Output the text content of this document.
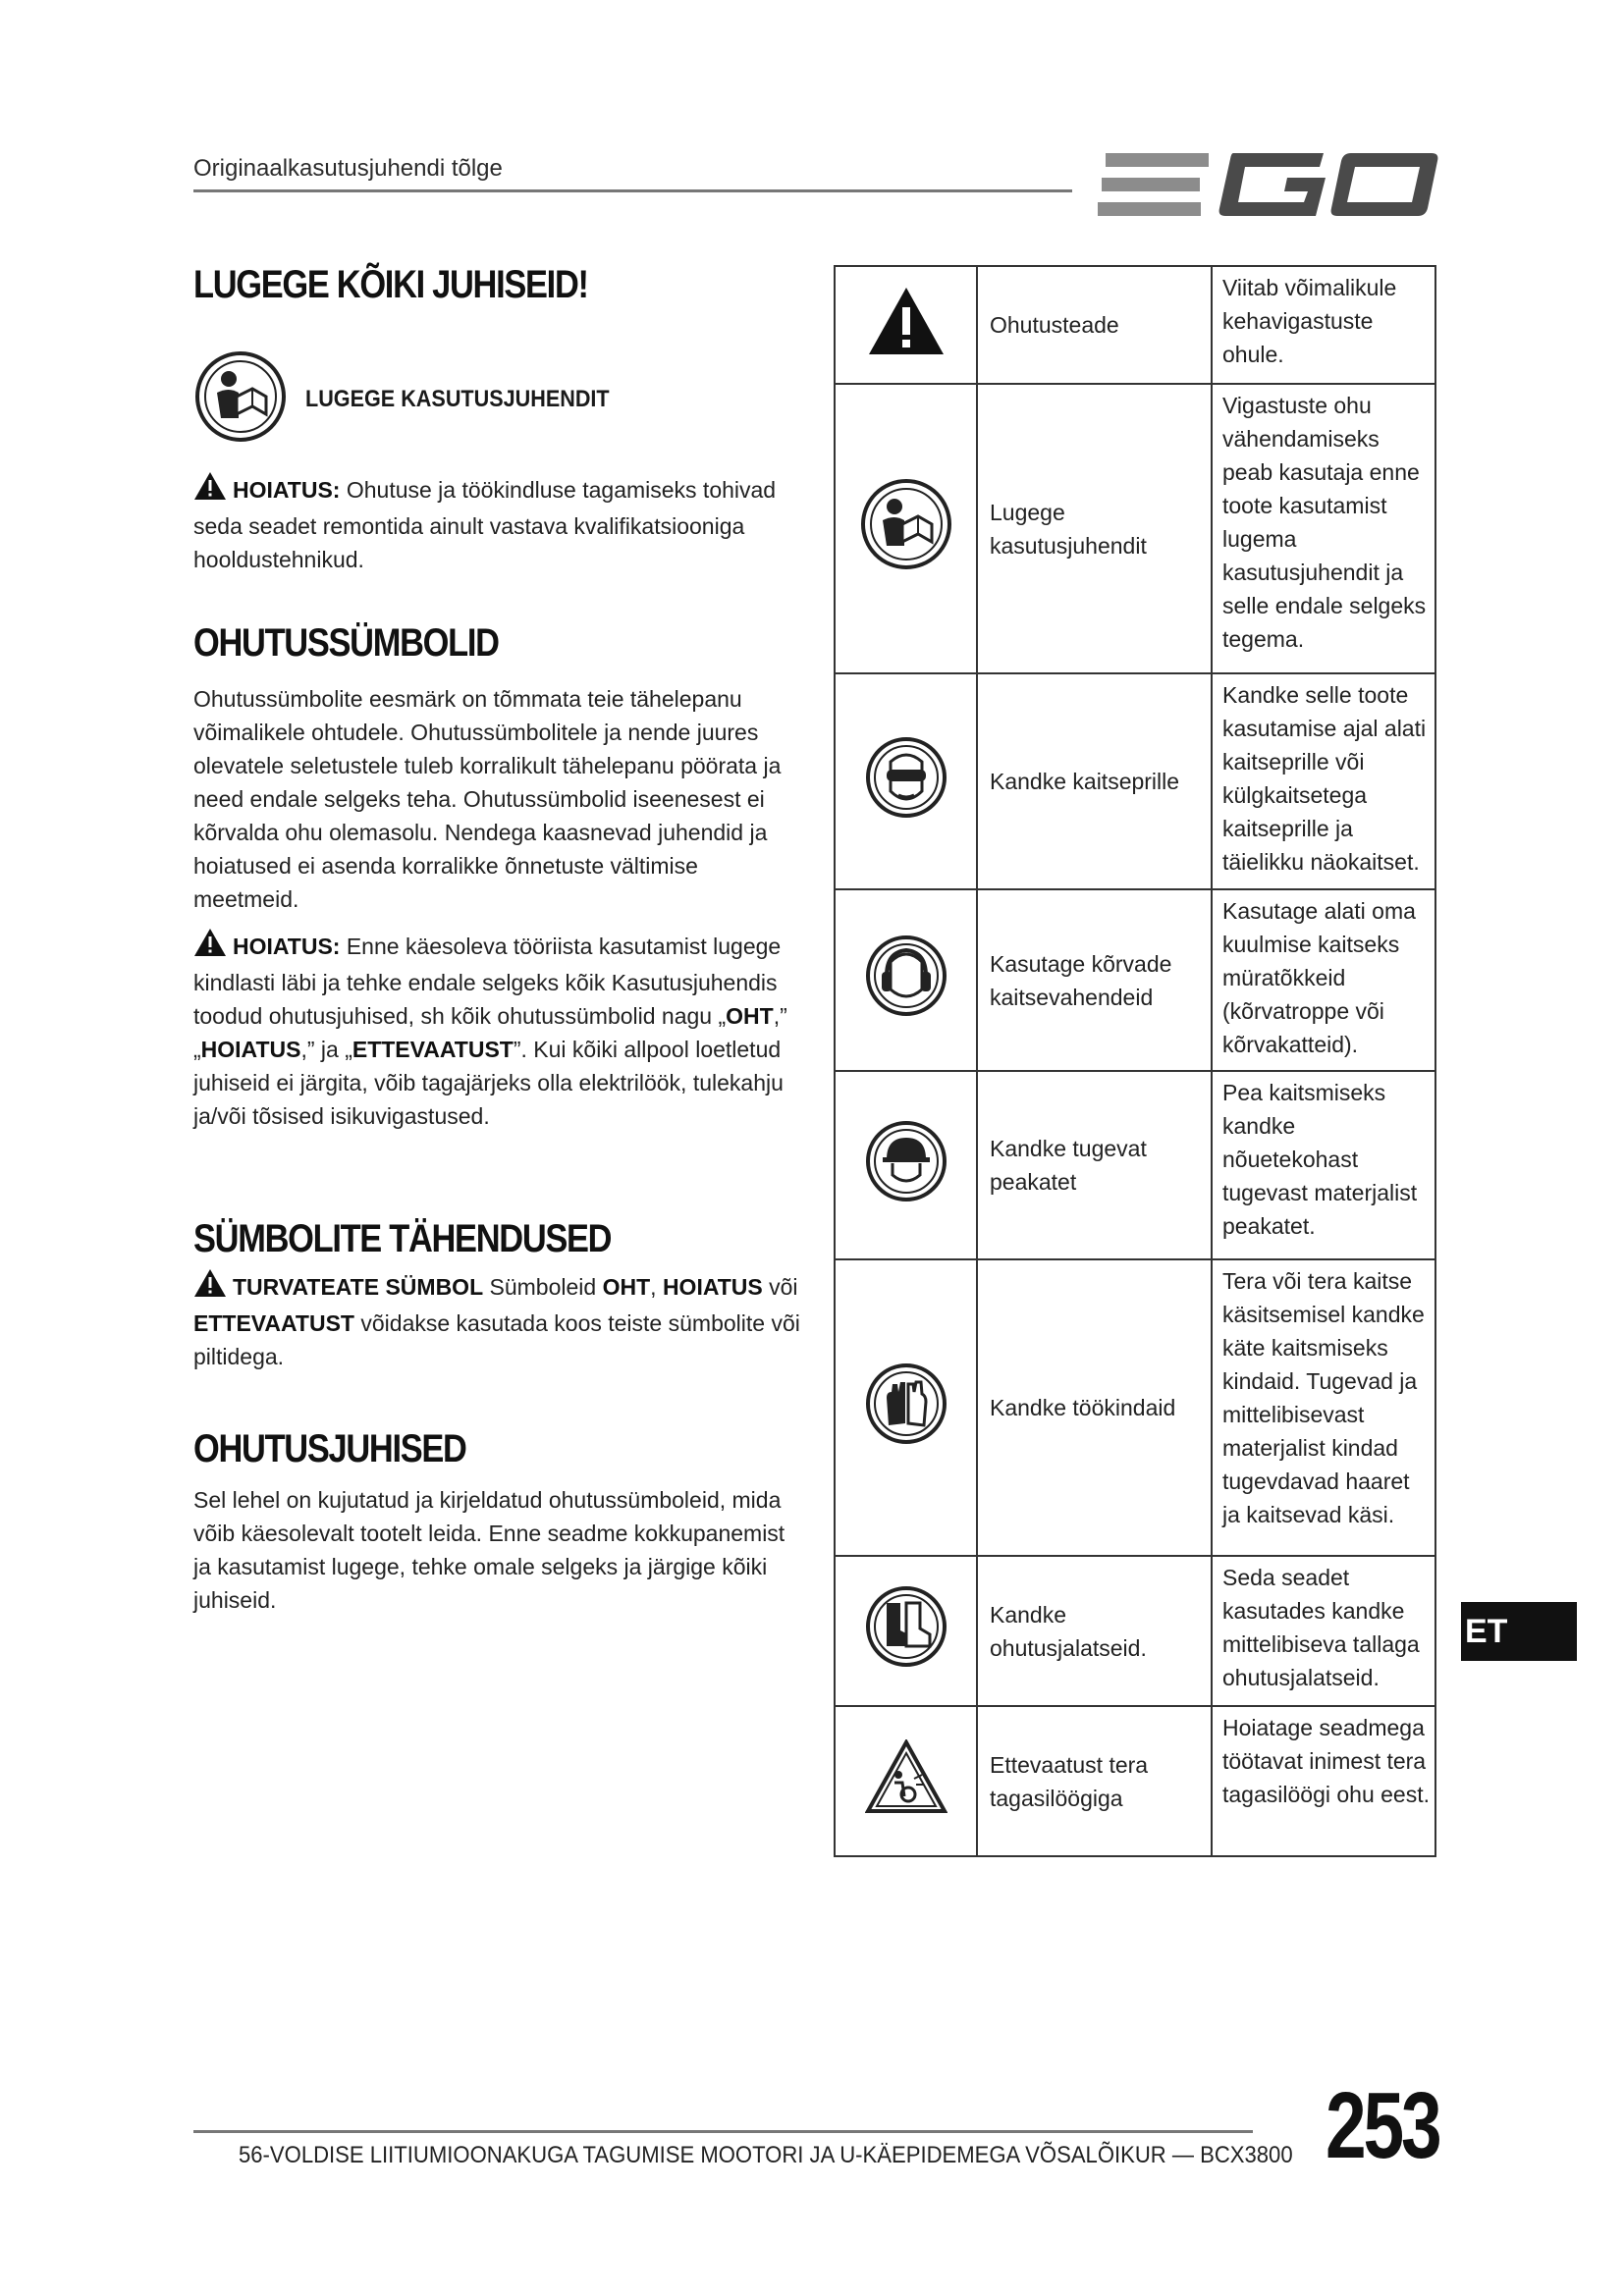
Originaalkasutusjuhendi tõlge
LUGEGE KÕIKI JUHISEID!
LUGEGE KASUTUSJUHENDIT
HOIATUS: Ohutuse ja töökindluse tagamiseks tohivad seda seadet remontida ainult vastava kvalifikatsiooniga hooldustehnikud.
OHUTUSSÜMBOLID
Ohutussümbolite eesmärk on tõmmata teie tähelepanu võimalikele ohtudele. Ohutussümbolitele ja nende juures olevatele seletustele tuleb korralikult tähelepanu pöörata ja need endale selgeks teha. Ohutussümbolid iseenesest ei kõrvalda ohu olemasolu. Nendega kaasnevad juhendid ja hoiatused ei asenda korralikke õnnetuste vältimise meetmeid.
HOIATUS: Enne käesoleva tööriista kasutamist lugege kindlasti läbi ja tehke endale selgeks kõik Kasutusjuhendis toodud ohutusjuhised, sh kõik ohutussümbolid nagu „OHT,” „HOIATUS,” ja „ETTEVAATUST”. Kui kõiki allpool loetletud juhiseid ei järgita, võib tagajärjeks olla elektrilöök, tulekahju ja/või tõsised isikuvigastused.
SÜMBOLITE TÄHENDUSED
TURVATEATE SÜMBOL Sümboleid OHT, HOIATUS või ETTEVAATUST võidakse kasutada koos teiste sümbolite või piltidega.
OHUTUSJUHISED
Sel lehel on kujutatud ja kirjeldatud ohutussümboleid, mida võib käesolevalt tootelt leida. Enne seadme kokkupanemist ja kasutamist lugege, tehke omale selgeks ja järgige kõiki juhiseid.
	Ohutusteade	Viitab võimalikule kehavigastuste ohule.
	Lugege kasutusjuhendit	Vigastuste ohu vähendamiseks peab kasutaja enne toote kasutamist lugema kasutusjuhendit ja selle endale selgeks tegema.
	Kandke kaitseprille	Kandke selle toote kasutamise ajal alati kaitseprille või külgkaitsetega kaitseprille ja täielikku näokaitset.
	Kasutage kõrvade kaitsevahendeid	Kasutage alati oma kuulmise kaitseks müratõkkeid (kõrvatroppe või kõrvakatteid).
	Kandke tugevat peakatet	Pea kaitsmiseks kandke nõuetekohast tugevast materjalist peakatet.
	Kandke töökindaid	Tera või tera kaitse käsitsemisel kandke käte kaitsmiseks kindaid. Tugevad ja mittelibisevast materjalist kindad tugevdavad haaret ja kaitsevad käsi.
	Kandke ohutusjalatseid.	Seda seadet kasutades kandke mittelibiseva tallaga ohutusjalatseid.
	Ettevaatust tera tagasilöögiga	Hoiatage seadmega töötavat inimest tera tagasilöögi ohu eest.
ET
56-VOLDISE LIITIUMIOONAKUGA TAGUMISE MOOTORI JA U-KÄEPIDEMEGA VÕSALÕIKUR — BCX3800 253
